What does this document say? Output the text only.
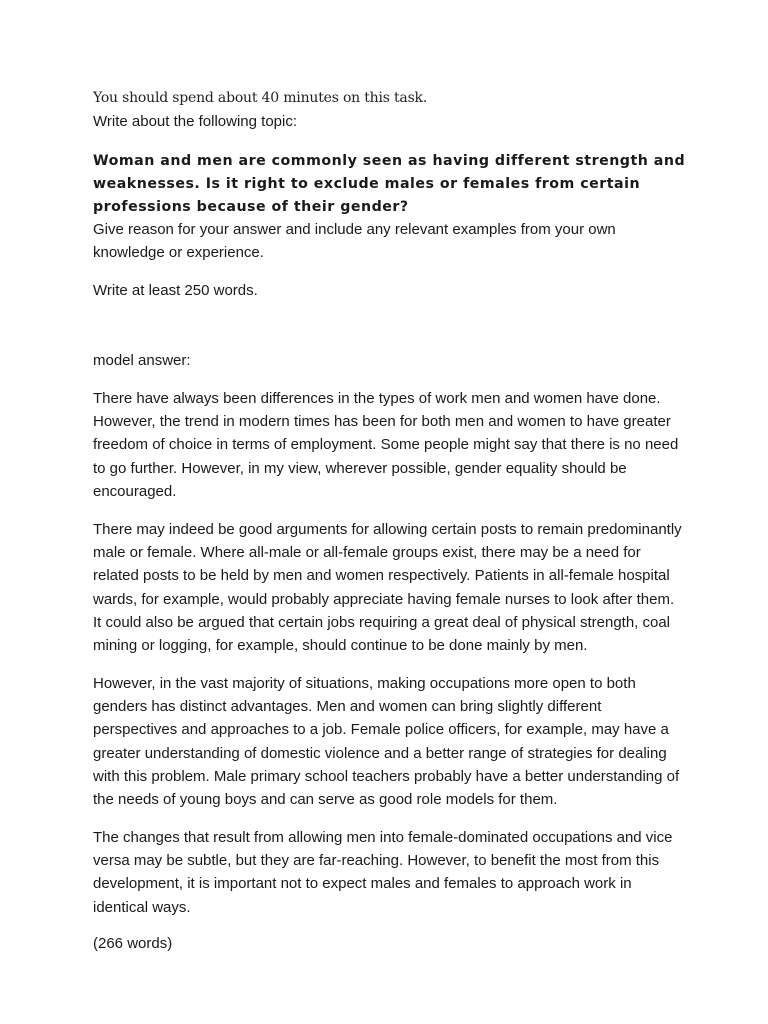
You should spend about 40 minutes on this task.
Write about the following topic:
Woman and men are commonly seen as having different strength and weaknesses. Is it right to exclude males or females from certain professions because of their gender?
Give reason for your answer and include any relevant examples from your own knowledge or experience.
Write at least 250 words.
model answer:
There have always been differences in the types of work men and women have done. However, the trend in modern times has been for both men and women to have greater freedom of choice in terms of employment. Some people might say that there is no need to go further. However, in my view, wherever possible, gender equality should be encouraged.
There may indeed be good arguments for allowing certain posts to remain predominantly male or female. Where all-male or all-female groups exist, there may be a need for related posts to be held by men and women respectively. Patients in all-female hospital wards, for example, would probably appreciate having female nurses to look after them. It could also be argued that certain jobs requiring a great deal of physical strength, coal mining or logging, for example, should continue to be done mainly by men.
However, in the vast majority of situations, making occupations more open to both genders has distinct advantages. Men and women can bring slightly different perspectives and approaches to a job. Female police officers, for example, may have a greater understanding of domestic violence and a better range of strategies for dealing with this problem. Male primary school teachers probably have a better understanding of the needs of young boys and can serve as good role models for them.
The changes that result from allowing men into female-dominated occupations and vice versa may be subtle, but they are far-reaching. However, to benefit the most from this development, it is important not to expect males and females to approach work in identical ways.
(266 words)
